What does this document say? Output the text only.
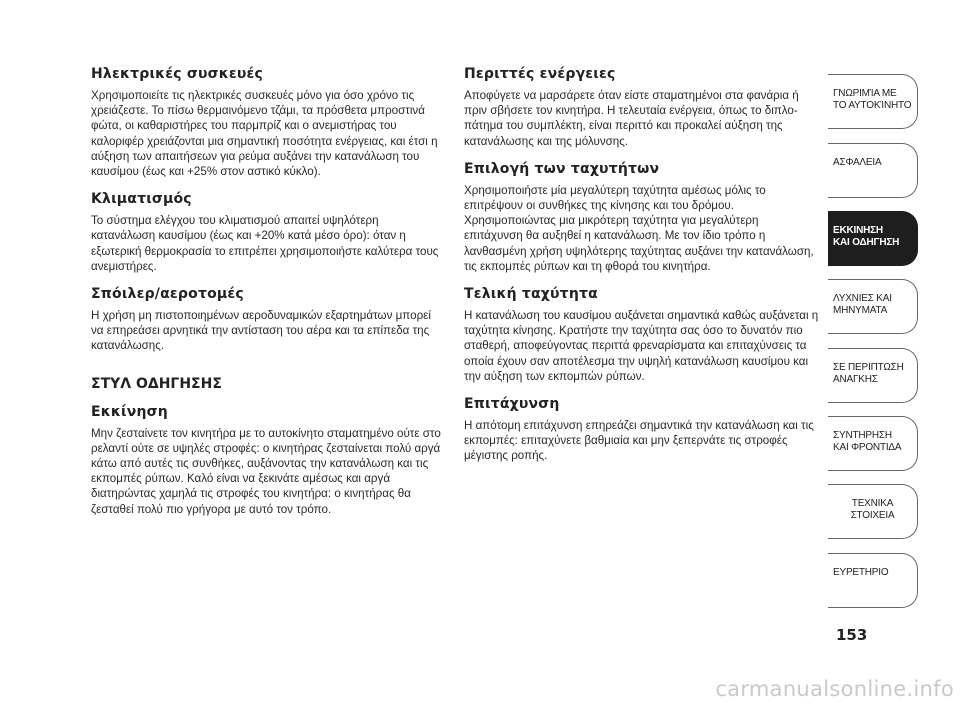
Ηλεκτρικές συσκευές

Χρησιμοποιείτε τις ηλεκτρικές συσκευές μόνο για όσο χρόνο τις χρειάζεστε. Το πίσω θερμαινόμενο τζάμι, τα πρόσθετα μπροστινά φώτα, οι καθαριστήρες του παρμπρίζ και ο ανεμιστήρας του καλοριφέρ χρειάζονται μια σημαντική ποσότητα ενέργειας, και έτσι η αύξηση των απαιτήσεων για ρεύμα αυξάνει την κατανάλωση του καυσίμου (έως και +25% στον αστικό κύκλο).

Κλιματισμός

Το σύστημα ελέγχου του κλιματισμού απαιτεί υψηλότερη κατανάλωση καυσίμου (έως και +20% κατά μέσο όρο): όταν η εξωτερική θερμοκρασία το επιτρέπει χρησιμοποιήστε καλύτερα τους ανεμιστήρες.

Σπόιλερ/αεροτομές

Η χρήση μη πιστοποιημένων αεροδυναμικών εξαρτημάτων μπορεί να επηρεάσει αρνητικά την αντίσταση του αέρα και τα επίπεδα της κατανάλωσης.

ΣΤΥΛ ΟΔΗΓΗΣΗΣ
Εκκίνηση

Μην ζεσταίνετε τον κινητήρα με το αυτοκίνητο σταματημένο ούτε στο ρελαντί ούτε σε υψηλές στροφές: ο κινητήρας ζεσταίνεται πολύ αργά κάτω από αυτές τις συνθήκες, αυξάνοντας την κατανάλωση και τις εκπομπές ρύπων. Καλό είναι να ξεκινάτε αμέσως και αργά διατηρώντας χαμηλά τις στροφές του κινητήρα: ο κινητήρας θα ζεσταθεί πολύ πιο γρήγορα με αυτό τον τρόπο.

Περιττές ενέργειες

Αποφύγετε να μαρσάρετε όταν είστε σταματημένοι στα φανάρια ή πριν σβήσετε τον κινητήρα. Η τελευταία ενέργεια, όπως το διπλο-πάτημα του συμπλέκτη, είναι περιττό και προκαλεί αύξηση της κατανάλωσης και της μόλυνσης.

Επιλογή των ταχυτήτων

Χρησιμοποιήστε μία μεγαλύτερη ταχύτητα αμέσως μόλις το επιτρέψουν οι συνθήκες της κίνησης και του δρόμου. Χρησιμοποιώντας μια μικρότερη ταχύτητα για μεγαλύτερη επιτάχυνση θα αυξηθεί η κατανάλωση. Με τον ίδιο τρόπο η λανθασμένη χρήση υψηλότερης ταχύτητας αυξάνει την κατανάλωση, τις εκπομπές ρύπων και τη φθορά του κινητήρα.

Τελική ταχύτητα

Η κατανάλωση του καυσίμου αυξάνεται σημαντικά καθώς αυξάνεται η ταχύτητα κίνησης. Κρατήστε την ταχύτητα σας όσο το δυνατόν πιο σταθερή, αποφεύγοντας περιττά φρεναρίσματα και επιταχύνσεις τα οποία έχουν σαν αποτέλεσμα την υψηλή κατανάλωση καυσίμου και την αύξηση των εκπομπών ρύπων.

Επιτάχυνση

Η απότομη επιτάχυνση επηρεάζει σημαντικά την κατανάλωση και τις εκπομπές: επιταχύνετε βαθμιαία και μην ξεπερνάτε τις στροφές μέγιστης ροπής.

ΓΝΩΡΙΜΊΑ ΜΕ
ΤΟ ΑΥΤΟΚΊΝΗΤΟ
ΑΣΦΑΛΕΙΑ
ΕΚΚΙΝΗΣΗ
ΚΑΙ ΟΔΗΓΗΣΗ
ΛΥΧΝΙΕΣ ΚΑΙ
ΜΗΝΥΜΑΤΑ
ΣΕ ΠΕΡΙΠΤΩΣΗ
ΑΝΑΓΚΗΣ
ΣΥΝΤΗΡΗΣΗ
ΚΑΙ ΦΡΟΝΤΙΔΑ
ΤΕΧΝΙΚΑ
ΣΤΟΙΧΕΙΑ
ΕΥΡΕΤΗΡΙΟ
153
carmanualsonline.info
